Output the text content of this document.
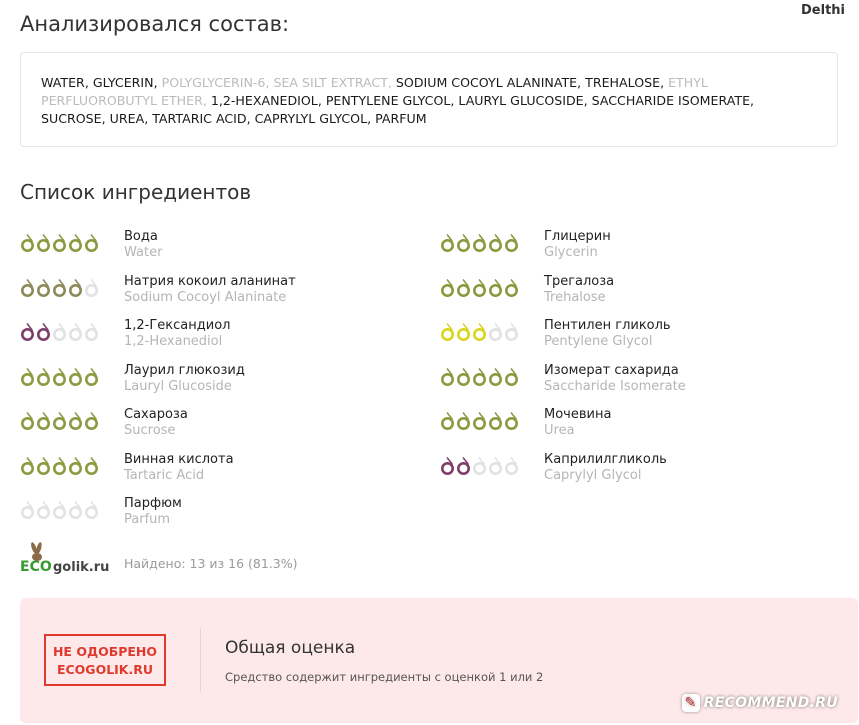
Delthi
Анализировался состав:
WATER, GLYCERIN, POLYGLYCERIN-6, SEA SILT EXTRACT, SODIUM COCOYL ALANINATE, TREHALOSE, ETHYL PERFLUOROBUTYL ETHER, 1,2-HEXANEDIOL, PENTYLENE GLYCOL, LAURYL GLUCOSIDE, SACCHARIDE ISOMERATE, SUCROSE, UREA, TARTARIC ACID, CAPRYLYL GLYCOL, PARFUM
Список ингредиентов
Вода
Water
Глицерин
Glycerin
Натрия кокоил аланинат
Sodium Cocoyl Alaninate
Трегалоза
Trehalose
1,2-Гександиол
1,2-Hexanediol
Пентилен гликоль
Pentylene Glycol
Лаурил глюкозид
Lauryl Glucoside
Изомерат сахарида
Saccharide Isomerate
Сахароза
Sucrose
Мочевина
Urea
Винная кислота
Tartaric Acid
Каприлилгликоль
Caprylyl Glycol
Парфюм
Parfum
ECO golik.ru Найдено: 13 из 16 (81.3%)
НЕ ОДОБРЕНО
ECOGOLIK.RU
Общая оценка
Средство содержит ингредиенты с оценкой 1 или 2
✎ RECOMMEND.RU
